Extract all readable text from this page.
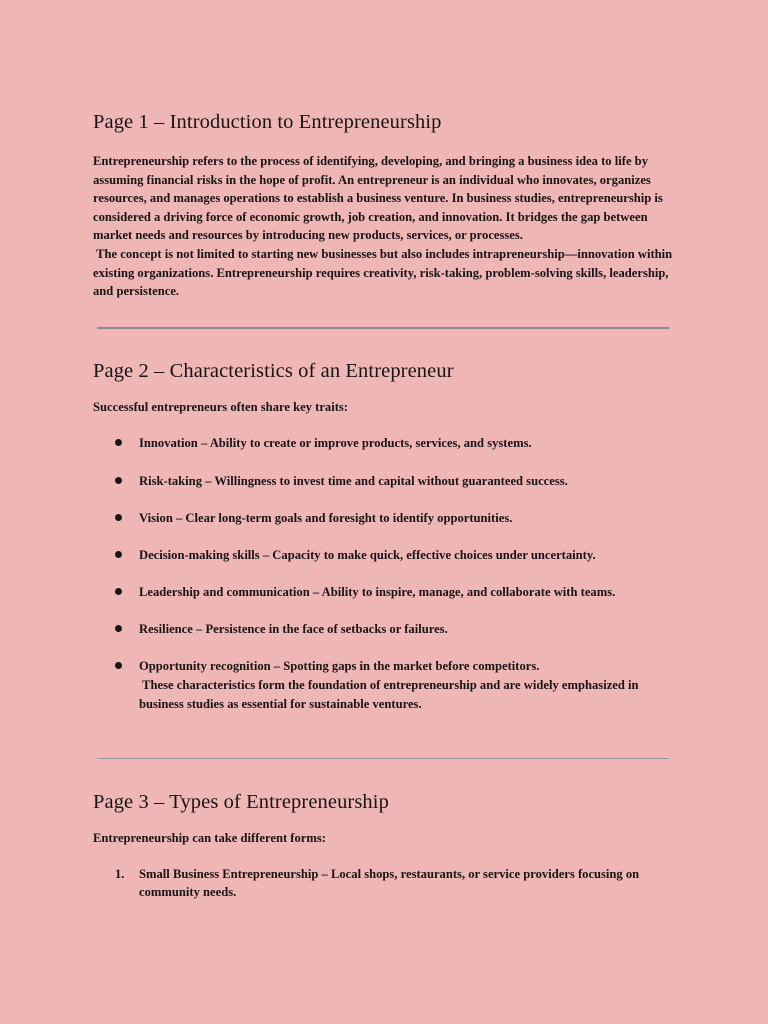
Page 1 – Introduction to Entrepreneurship

Entrepreneurship refers to the process of identifying, developing, and bringing a business idea to life by assuming financial risks in the hope of profit. An entrepreneur is an individual who innovates, organizes resources, and manages operations to establish a business venture. In business studies, entrepreneurship is considered a driving force of economic growth, job creation, and innovation. It bridges the gap between market needs and resources by introducing new products, services, or processes.
The concept is not limited to starting new businesses but also includes intrapreneurship—innovation within existing organizations. Entrepreneurship requires creativity, risk-taking, problem-solving skills, leadership, and persistence.

Page 2 – Characteristics of an Entrepreneur

Successful entrepreneurs often share key traits:

Innovation – Ability to create or improve products, services, and systems.
Risk-taking – Willingness to invest time and capital without guaranteed success.
Vision – Clear long-term goals and foresight to identify opportunities.
Decision-making skills – Capacity to make quick, effective choices under uncertainty.
Leadership and communication – Ability to inspire, manage, and collaborate with teams.
Resilience – Persistence in the face of setbacks or failures.
Opportunity recognition – Spotting gaps in the market before competitors.
These characteristics form the foundation of entrepreneurship and are widely emphasized in business studies as essential for sustainable ventures.
Page 3 – Types of Entrepreneurship

Entrepreneurship can take different forms:

1. Small Business Entrepreneurship – Local shops, restaurants, or service providers focusing on community needs.
